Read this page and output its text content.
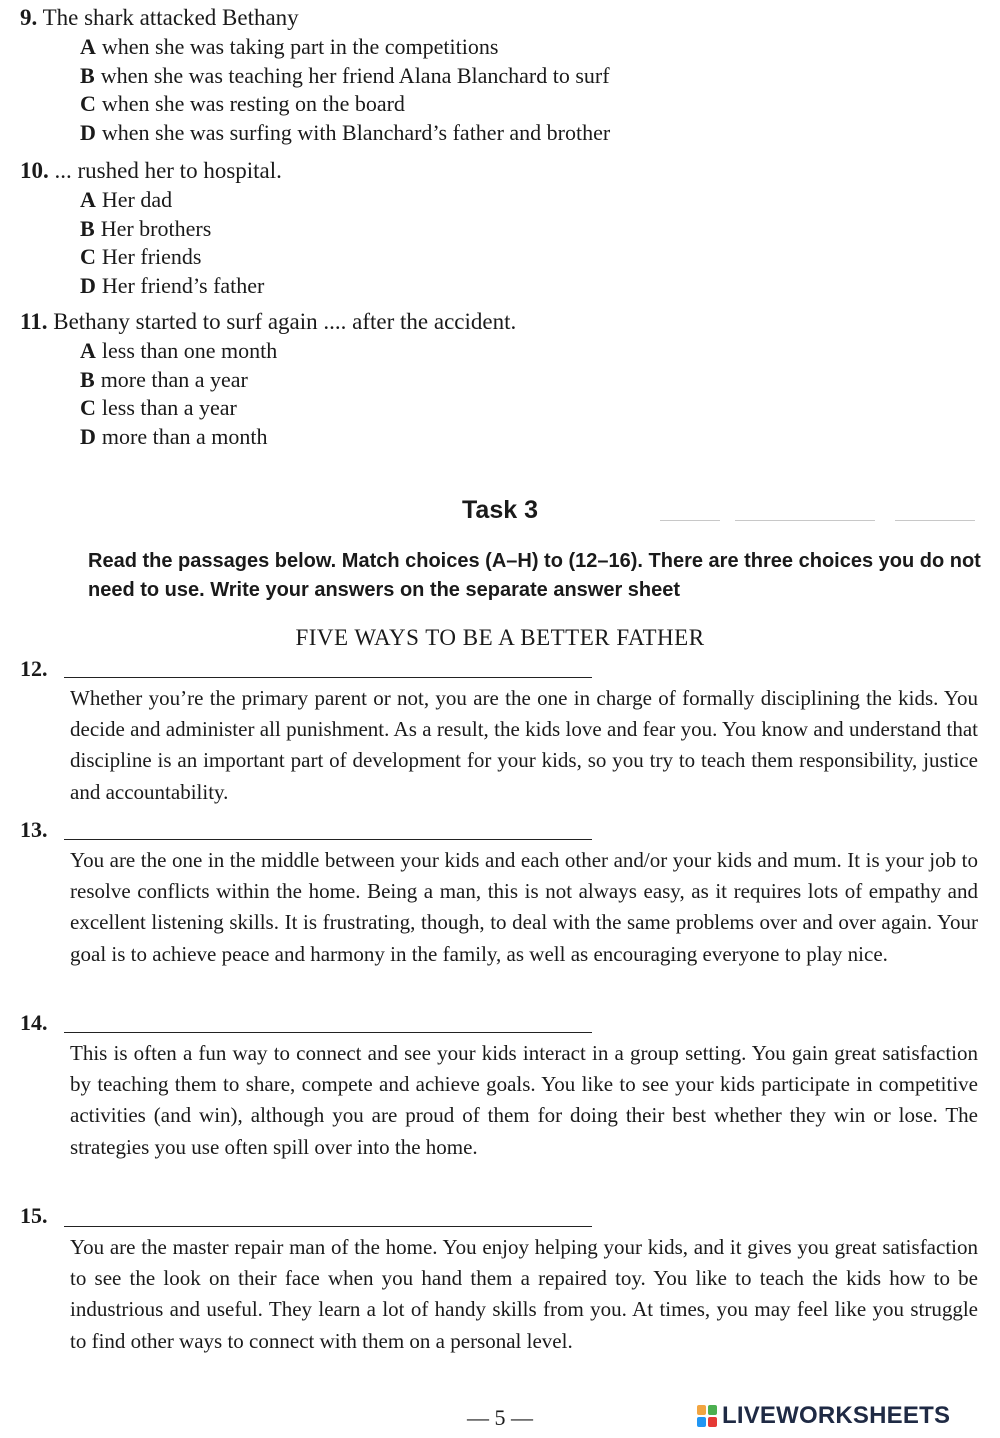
9. The shark attacked Bethany
A when she was taking part in the competitions
B when she was teaching her friend Alana Blanchard to surf
C when she was resting on the board
D when she was surfing with Blanchard’s father and brother
10. ... rushed her to hospital.
A Her dad
B Her brothers
C Her friends
D Her friend’s father
11. Bethany started to surf again .... after the accident.
A less than one month
B more than a year
C less than a year
D more than a month
Task 3
Read the passages below. Match choices (A–H) to (12–16). There are three choices you do not need to use. Write your answers on the separate answer sheet
FIVE WAYS TO BE A BETTER FATHER
12.
Whether you’re the primary parent or not, you are the one in charge of formally disciplining the kids. You decide and administer all punishment. As a result, the kids love and fear you. You know and understand that discipline is an important part of development for your kids, so you try to teach them responsibility, justice and accountability.
13.
You are the one in the middle between your kids and each other and/or your kids and mum. It is your job to resolve conflicts within the home. Being a man, this is not always easy, as it requires lots of empathy and excellent listening skills. It is frustrating, though, to deal with the same problems over and over again. Your goal is to achieve peace and harmony in the family, as well as encouraging everyone to play nice.
14.
This is often a fun way to connect and see your kids interact in a group setting. You gain great satisfaction by teaching them to share, compete and achieve goals. You like to see your kids participate in competitive activities (and win), although you are proud of them for doing their best whether they win or lose. The strategies you use often spill over into the home.
15.
You are the master repair man of the home. You enjoy helping your kids, and it gives you great satisfaction to see the look on their face when you hand them a repaired toy. You like to teach the kids how to be industrious and useful. They learn a lot of handy skills from you. At times, you may feel like you struggle to find other ways to connect with them on a personal level.
— 5 —	LIVEWORKSHEETS
